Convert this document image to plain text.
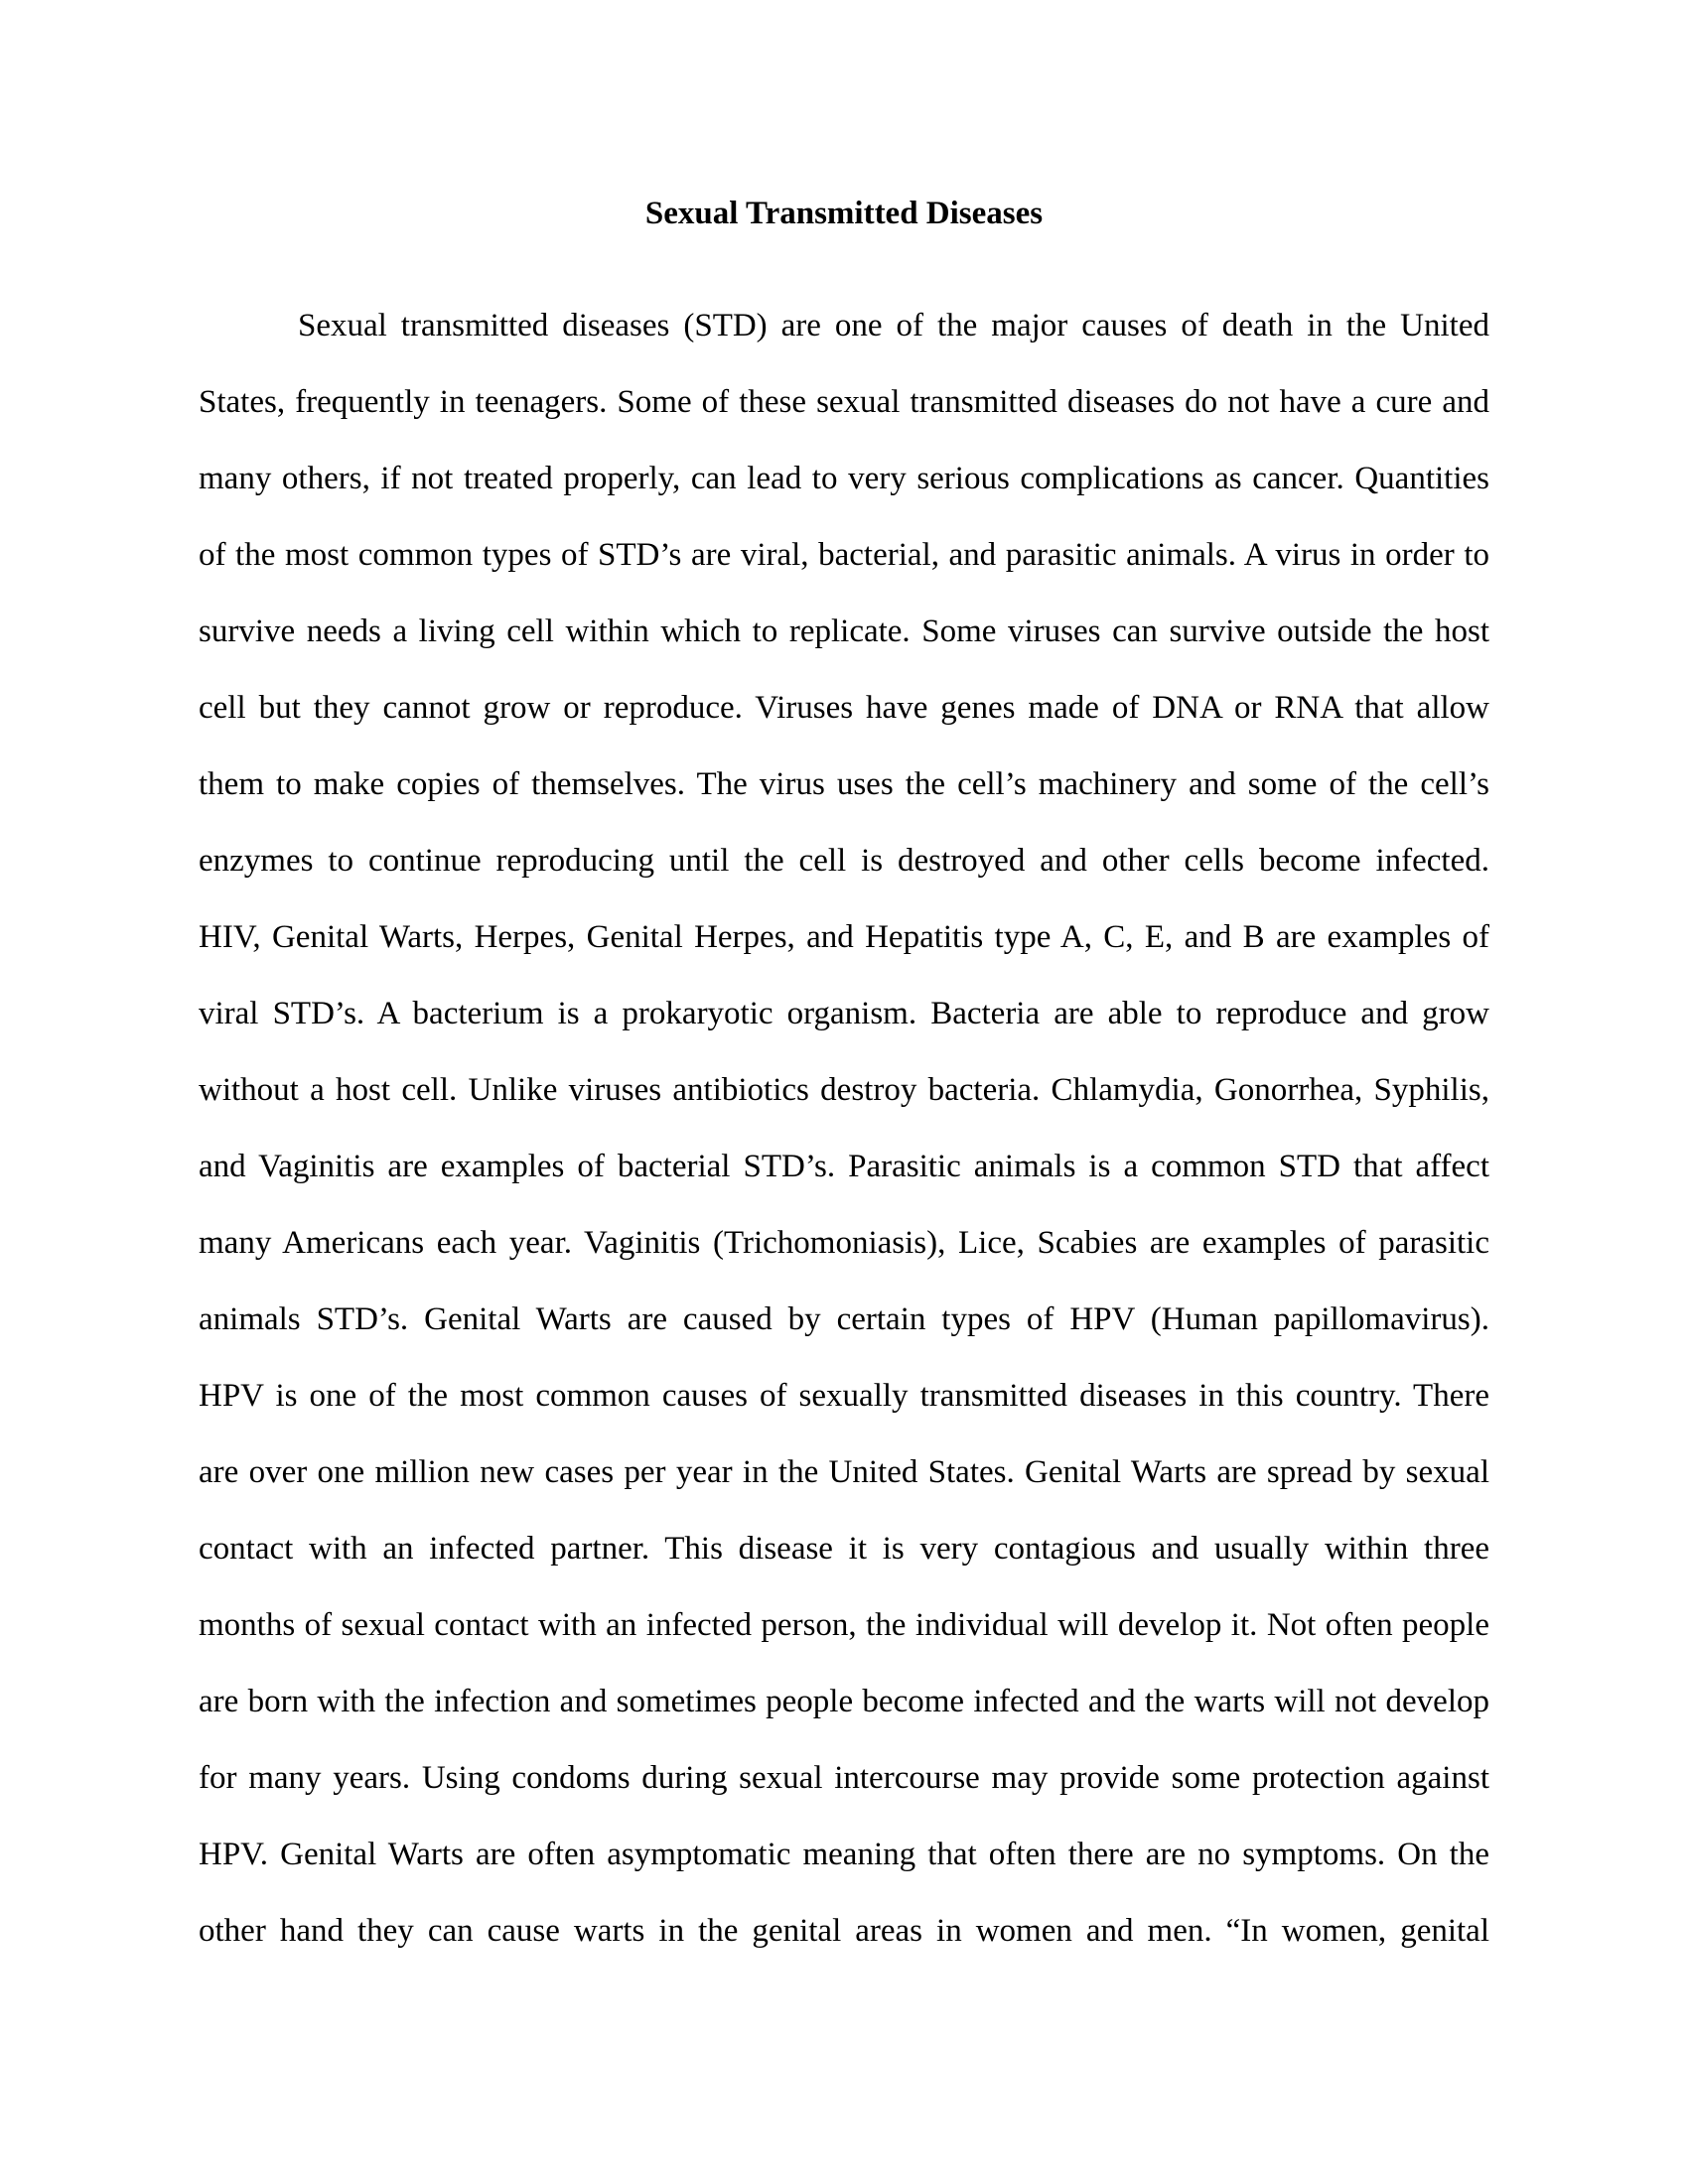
Sexual Transmitted Diseases
Sexual transmitted diseases (STD) are one of the major causes of death in the United
States, frequently in teenagers. Some of these sexual transmitted diseases do not have a cure and
many others, if not treated properly, can lead to very serious complications as cancer. Quantities
of the most common types of STD’s are viral, bacterial, and parasitic animals. A virus in order to
survive needs a living cell within which to replicate. Some viruses can survive outside the host
cell but they cannot grow or reproduce. Viruses have genes made of DNA or RNA that allow
them to make copies of themselves. The virus uses the cell’s machinery and some of the cell’s
enzymes to continue reproducing until the cell is destroyed and other cells become infected.
HIV, Genital Warts, Herpes, Genital Herpes, and Hepatitis type A, C, E, and B are examples of
viral STD’s. A bacterium is a prokaryotic organism. Bacteria are able to reproduce and grow
without a host cell. Unlike viruses antibiotics destroy bacteria. Chlamydia, Gonorrhea, Syphilis,
and Vaginitis are examples of bacterial STD’s. Parasitic animals is a common STD that affect
many Americans each year. Vaginitis (Trichomoniasis), Lice, Scabies are examples of parasitic
animals STD’s. Genital Warts are caused by certain types of HPV (Human papillomavirus).
HPV is one of the most common causes of sexually transmitted diseases in this country. There
are over one million new cases per year in the United States. Genital Warts are spread by sexual
contact with an infected partner. This disease it is very contagious and usually within three
months of sexual contact with an infected person, the individual will develop it. Not often people
are born with the infection and sometimes people become infected and the warts will not develop
for many years. Using condoms during sexual intercourse may provide some protection against
HPV. Genital Warts are often asymptomatic meaning that often there are no symptoms. On the
other hand they can cause warts in the genital areas in women and men. “In women, genital
